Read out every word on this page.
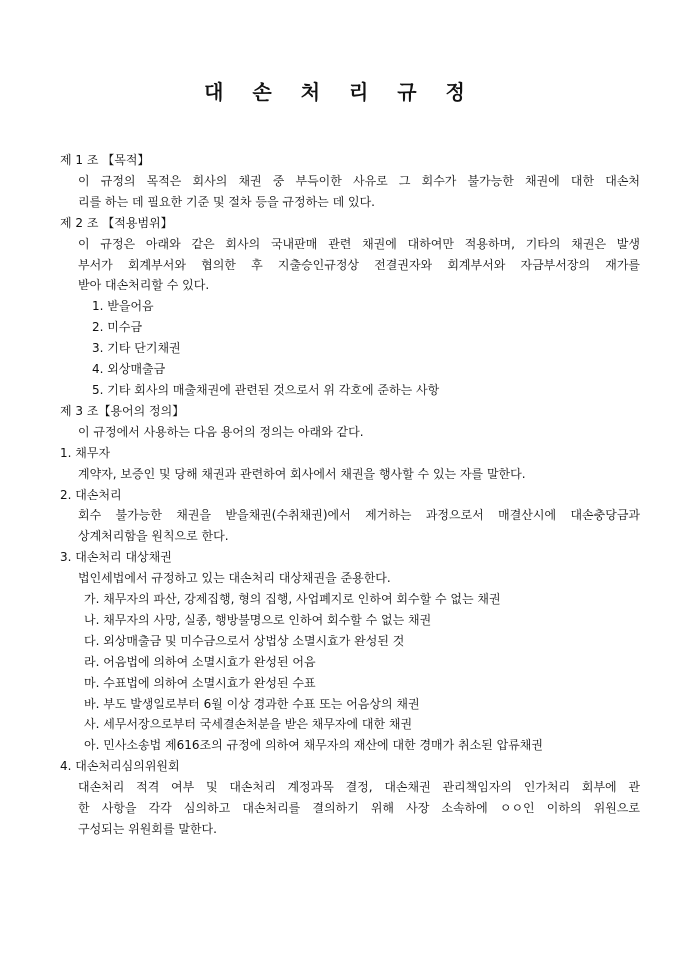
대 손 처 리 규 정
제 1 조 【목적】
이 규정의 목적은 회사의 채권 중 부득이한 사유로 그 회수가 불가능한 채권에 대한 대손처
리를 하는 데 필요한 기준 및 절차 등을 규정하는 데 있다.
제 2 조 【적용범위】
이 규정은 아래와 같은 회사의 국내판매 관련 채권에 대하여만 적용하며, 기타의 채권은 발생
부서가 회계부서와 협의한 후 지출승인규정상 전결권자와 회계부서와 자금부서장의 재가를
받아 대손처리할 수 있다.
1. 받을어음
2. 미수금
3. 기타 단기채권
4. 외상매출금
5. 기타 회사의 매출채권에 관련된 것으로서 위 각호에 준하는 사항
제 3 조【용어의 정의】
이 규정에서 사용하는 다음 용어의 정의는 아래와 같다.
1. 채무자
계약자, 보증인 및 당해 채권과 관련하여 회사에서 채권을 행사할 수 있는 자를 말한다.
2. 대손처리
회수 불가능한 채권을 받을채권(수취채권)에서 제거하는 과정으로서 매결산시에 대손충당금과
상계처리함을 원칙으로 한다.
3. 대손처리 대상채권
법인세법에서 규정하고 있는 대손처리 대상채권을 준용한다.
가. 채무자의 파산, 강제집행, 형의 집행, 사업폐지로 인하여 회수할 수 없는 채권
나. 채무자의 사망, 실종, 행방불명으로 인하여 회수할 수 없는 채권
다. 외상매출금 및 미수금으로서 상법상 소멸시효가 완성된 것
라. 어음법에 의하여 소멸시효가 완성된 어음
마. 수표법에 의하여 소멸시효가 완성된 수표
바. 부도 발생일로부터 6월 이상 경과한 수표 또는 어음상의 채권
사. 세무서장으로부터 국세결손처분을 받은 채무자에 대한 채권
아. 민사소송법 제616조의 규정에 의하여 채무자의 재산에 대한 경매가 취소된 압류채권
4. 대손처리심의위원회
대손처리 적격 여부 및 대손처리 계정과목 결정, 대손채권 관리책임자의 인가처리 회부에 관
한 사항을 각각 심의하고 대손처리를 결의하기 위해 사장 소속하에 ㅇㅇ인 이하의 위원으로
구성되는 위원회를 말한다.
